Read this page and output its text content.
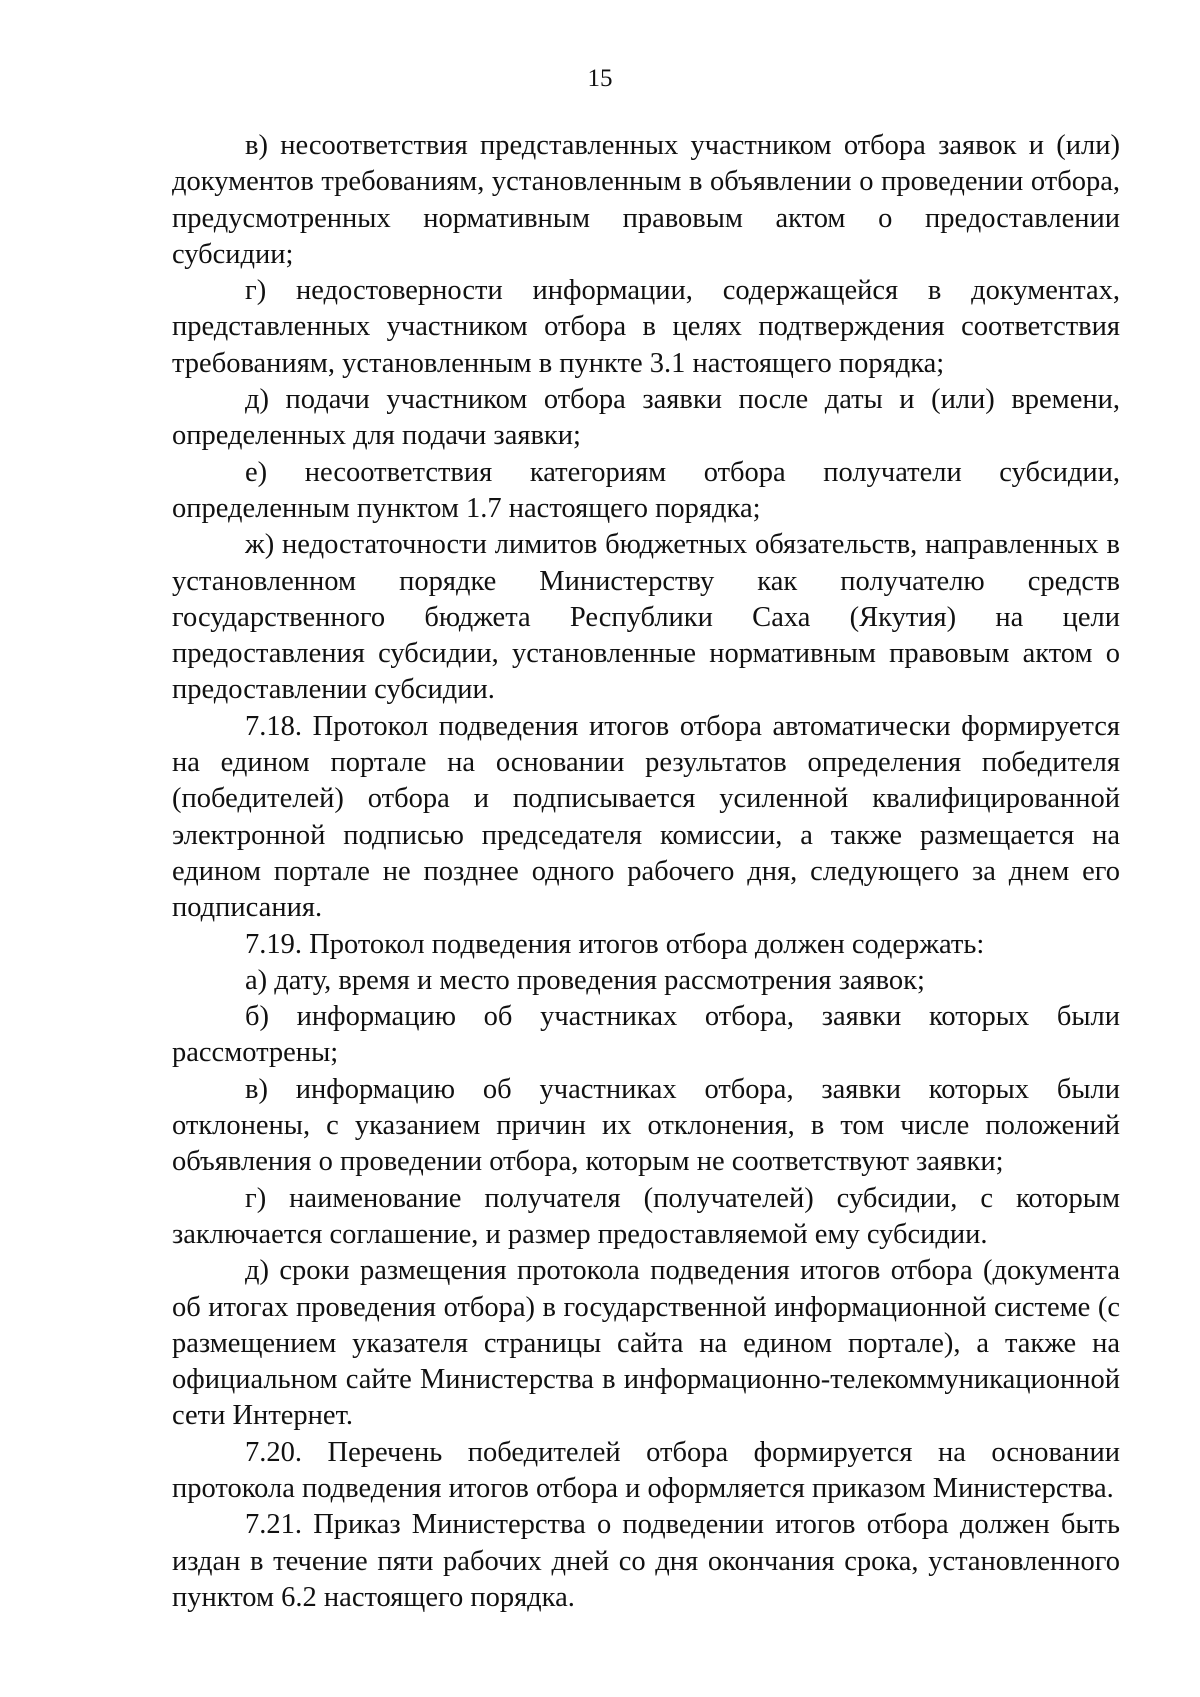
15

в) несоответствия представленных участником отбора заявок и (или) документов требованиям, установленным в объявлении о проведении отбора, предусмотренных нормативным правовым актом о предоставлении субсидии;

г) недостоверности информации, содержащейся в документах, представленных участником отбора в целях подтверждения соответствия требованиям, установленным в пункте 3.1 настоящего порядка;

д) подачи участником отбора заявки после даты и (или) времени, определенных для подачи заявки;

е) несоответствия категориям отбора получатели субсидии, определенным пунктом 1.7 настоящего порядка;

ж) недостаточности лимитов бюджетных обязательств, направленных в установленном порядке Министерству как получателю средств государственного бюджета Республики Саха (Якутия) на цели предоставления субсидии, установленные нормативным правовым актом о предоставлении субсидии.

7.18. Протокол подведения итогов отбора автоматически формируется на едином портале на основании результатов определения победителя (победителей) отбора и подписывается усиленной квалифицированной электронной подписью председателя комиссии, а также размещается на едином портале не позднее одного рабочего дня, следующего за днем его подписания.

7.19. Протокол подведения итогов отбора должен содержать:

а) дату, время и место проведения рассмотрения заявок;

б) информацию об участниках отбора, заявки которых были рассмотрены;

в) информацию об участниках отбора, заявки которых были отклонены, с указанием причин их отклонения, в том числе положений объявления о проведении отбора, которым не соответствуют заявки;

г) наименование получателя (получателей) субсидии, с которым заключается соглашение, и размер предоставляемой ему субсидии.

д) сроки размещения протокола подведения итогов отбора (документа об итогах проведения отбора) в государственной информационной системе (с размещением указателя страницы сайта на едином портале), а также на официальном сайте Министерства в информационно-телекоммуникационной сети Интернет.

7.20. Перечень победителей отбора формируется на основании протокола подведения итогов отбора и оформляется приказом Министерства.

7.21. Приказ Министерства о подведении итогов отбора должен быть издан в течение пяти рабочих дней со дня окончания срока, установленного пунктом 6.2 настоящего порядка.
